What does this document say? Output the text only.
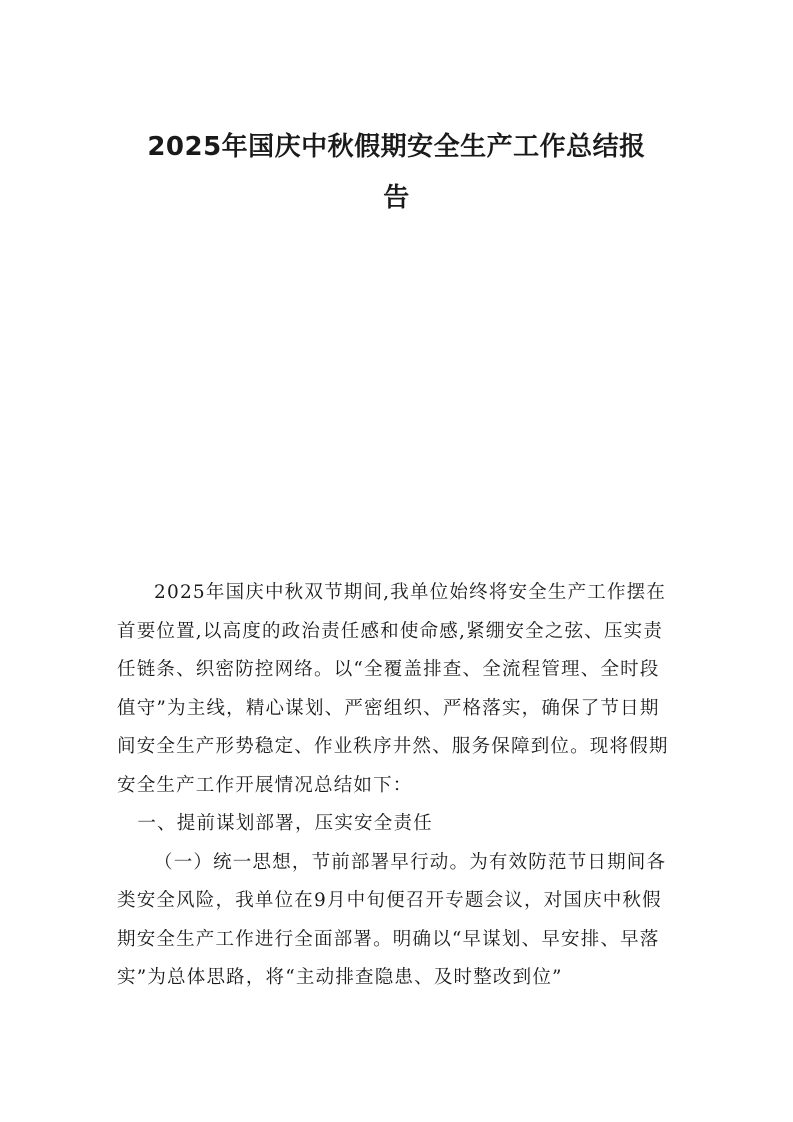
2025年国庆中秋假期安全生产工作总结报
告

2025年国庆中秋双节期间,我单位始终将安全生产工作摆在首要位置,以高度的政治责任感和使命感,紧绷安全之弦、压实责任链条、织密防控网络。以“全覆盖排查、全流程管理、全时段值守”为主线，精心谋划、严密组织、严格落实，确保了节日期间安全生产形势稳定、作业秩序井然、服务保障到位。现将假期安全生产工作开展情况总结如下：

一、提前谋划部署，压实安全责任

（一）统一思想，节前部署早行动。为有效防范节日期间各类安全风险，我单位在9月中旬便召开专题会议，对国庆中秋假期安全生产工作进行全面部署。明确以“早谋划、早安排、早落实”为总体思路，将“主动排查隐患、及时整改到位”
